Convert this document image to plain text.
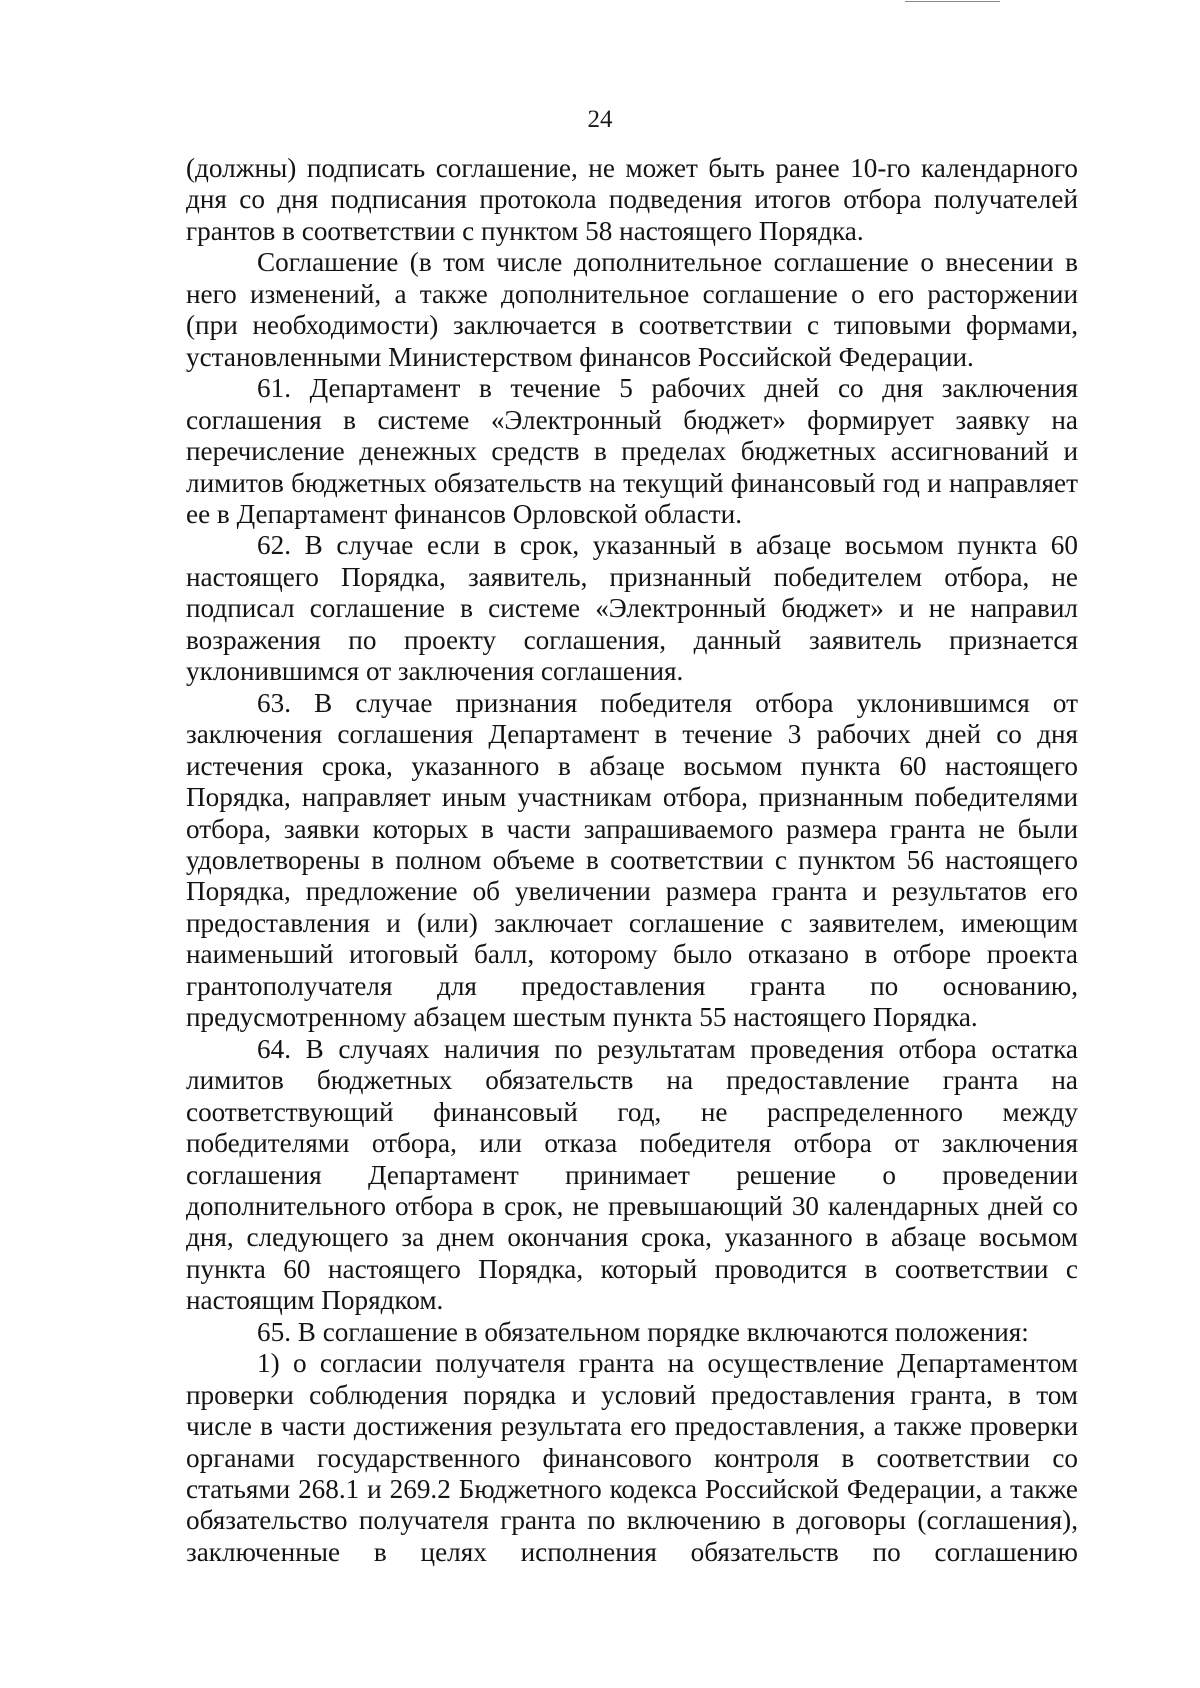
24

(должны) подписать соглашение, не может быть ранее 10-го календарного дня со дня подписания протокола подведения итогов отбора получателей грантов в соответствии с пунктом 58 настоящего Порядка.

Соглашение (в том числе дополнительное соглашение о внесении в него изменений, а также дополнительное соглашение о его расторжении (при необходимости) заключается в соответствии с типовыми формами, установленными Министерством финансов Российской Федерации.

61. Департамент в течение 5 рабочих дней со дня заключения соглашения в системе «Электронный бюджет» формирует заявку на перечисление денежных средств в пределах бюджетных ассигнований и лимитов бюджетных обязательств на текущий финансовый год и направляет ее в Департамент финансов Орловской области.

62. В случае если в срок, указанный в абзаце восьмом пункта 60 настоящего Порядка, заявитель, признанный победителем отбора, не подписал соглашение в системе «Электронный бюджет» и не направил возражения по проекту соглашения, данный заявитель признается уклонившимся от заключения соглашения.

63. В случае признания победителя отбора уклонившимся от заключения соглашения Департамент в течение 3 рабочих дней со дня истечения срока, указанного в абзаце восьмом пункта 60 настоящего Порядка, направляет иным участникам отбора, признанным победителями отбора, заявки которых в части запрашиваемого размера гранта не были удовлетворены в полном объеме в соответствии с пунктом 56 настоящего Порядка, предложение об увеличении размера гранта и результатов его предоставления и (или) заключает соглашение с заявителем, имеющим наименьший итоговый балл, которому было отказано в отборе проекта грантополучателя для предоставления гранта по основанию, предусмотренному абзацем шестым пункта 55 настоящего Порядка.

64. В случаях наличия по результатам проведения отбора остатка лимитов бюджетных обязательств на предоставление гранта на соответствующий финансовый год, не распределенного между победителями отбора, или отказа победителя отбора от заключения соглашения Департамент принимает решение о проведении дополнительного отбора в срок, не превышающий 30 календарных дней со дня, следующего за днем окончания срока, указанного в абзаце восьмом пункта 60 настоящего Порядка, который проводится в соответствии с настоящим Порядком.

65. В соглашение в обязательном порядке включаются положения:

1) о согласии получателя гранта на осуществление Департаментом проверки соблюдения порядка и условий предоставления гранта, в том числе в части достижения результата его предоставления, а также проверки органами государственного финансового контроля в соответствии со статьями 268.1 и 269.2 Бюджетного кодекса Российской Федерации, а также обязательство получателя гранта по включению в договоры (соглашения), заключенные в целях исполнения обязательств по соглашению
